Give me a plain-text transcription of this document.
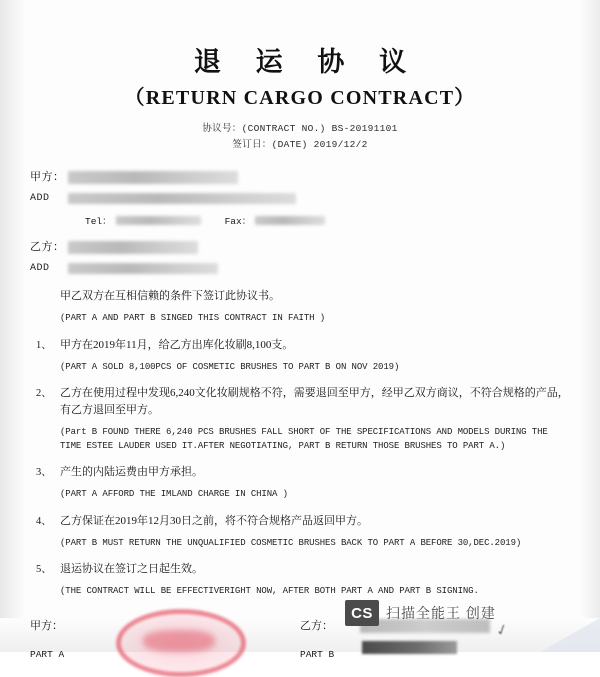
退 运 协 议
（RETURN CARGO CONTRACT）
协议号：(CONTRACT NO.) BS-20191101
签订日：(DATE) 2019/12/2
甲方：
ADD
Tel：	Fax：
乙方：
ADD
甲乙双方在互相信赖的条件下签订此协议书。
(PART A AND PART B SINGED THIS CONTRACT IN FAITH )
1、 甲方在2019年11月，给乙方出库化妆刷8,100支。
(PART A SOLD 8,100PCS OF COSMETIC BRUSHES TO PART B ON NOV 2019)
2、 乙方在使用过程中发现6,240文化妆刷规格不符，需要退回至甲方，经甲乙双方商议，不符合规格的产品，有乙方退回至甲方。
(Part B FOUND THERE 6,240 PCS BRUSHES FALL SHORT OF THE SPECIFICATIONS AND MODELS DURING THE TIME ESTEE LAUDER USED IT.AFTER NEGOTIATING, PART B RETURN THOSE BRUSHES TO PART A.)
3、 产生的内陆运费由甲方承担。
(PART A AFFORD THE IMLAND CHARGE IN CHINA )
4、 乙方保证在2019年12月30日之前，将不符合规格产品返回甲方。
(PART B MUST RETURN THE UNQUALIFIED COSMETIC BRUSHES BACK TO PART A BEFORE 30,DEC.2019)
5、 退运协议在签订之日起生效。
(THE CONTRACT WILL BE EFFECTIVERIGHT NOW, AFTER BOTH PART A AND PART B SIGNING.
甲方：
PART A
乙方：
PART B
✓
CS 扫描全能王 创建
